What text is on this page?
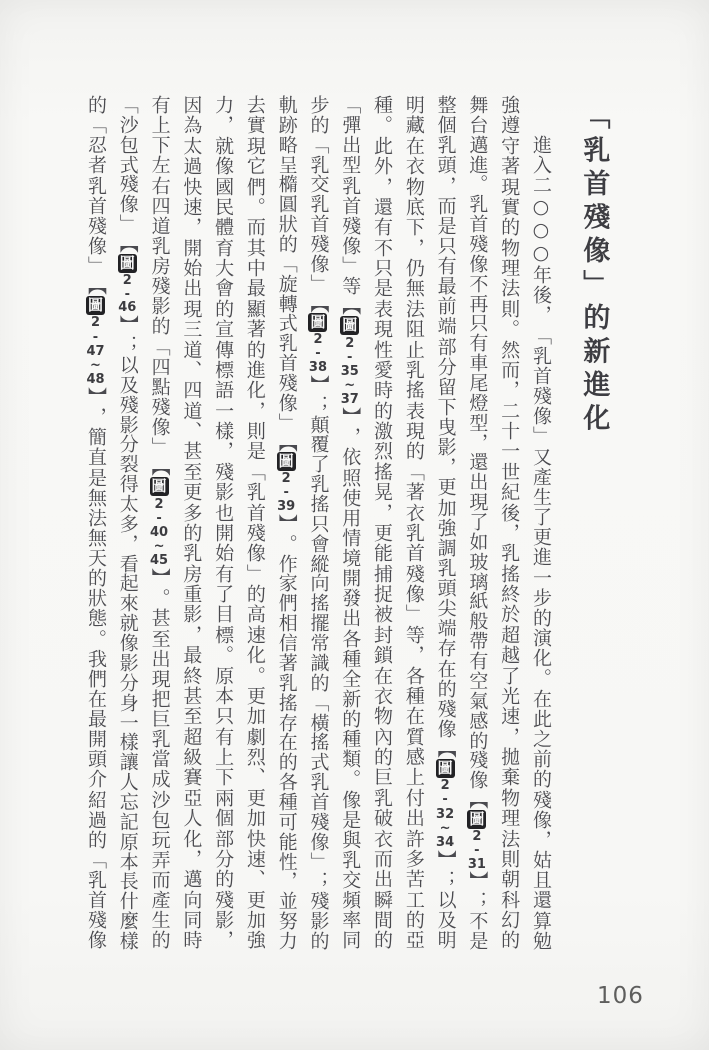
「乳首殘像」的新進化
進
入
二
○
○
○
年
後
，
「
乳
首
殘
像
」
又
產
生
了
更
進
一
步
的
演
化
。
在
此
之
前
的
殘
像
，
姑
且
還
算
勉
強
遵
守
著
現
實
的
物
理
法
則
。
然
而
，
二
十
一
世
紀
後
，
乳
搖
終
於
超
越
了
光
速
，
拋
棄
物
理
法
則
朝
科
幻
的
舞
台
邁
進
。
乳
首
殘
像
不
再
只
有
車
尾
燈
型
，
還
出
現
了
如
玻
璃
紙
般
帶
有
空
氣
感
的
殘
像
【
圖
2
-
31
】
；
不
是
整
個
乳
頭
，
而
是
只
有
最
前
端
部
分
留
下
曳
影
，
更
加
強
調
乳
頭
尖
端
存
在
的
殘
像
【
圖
2
-
32
~
34
】
；
以
及
明
明
藏
在
衣
物
底
下
，
仍
無
法
阻
止
乳
搖
表
現
的
「
著
衣
乳
首
殘
像
」
等
，
各
種
在
質
感
上
付
出
許
多
苦
工
的
亞
種
。
此
外
，
還
有
不
只
是
表
現
性
愛
時
的
激
烈
搖
晃
，
更
能
捕
捉
被
封
鎖
在
衣
物
內
的
巨
乳
破
衣
而
出
瞬
間
的
「
彈
出
型
乳
首
殘
像
」
等
【
圖
2
-
35
~
37
】
，
依
照
使
用
情
境
開
發
出
各
種
全
新
的
種
類
。
像
是
與
乳
交
頻
率
同
步
的
「
乳
交
乳
首
殘
像
」
【
圖
2
-
38
】
；
顛
覆
了
乳
搖
只
會
縱
向
搖
擺
常
識
的
「
橫
搖
式
乳
首
殘
像
」
；
殘
影
的
軌
跡
略
呈
橢
圓
狀
的
「
旋
轉
式
乳
首
殘
像
」
【
圖
2
-
39
】
。
作
家
們
相
信
著
乳
搖
存
在
的
各
種
可
能
性
，
並
努
力
去
實
現
它
們
。
而
其
中
最
顯
著
的
進
化
，
則
是
「
乳
首
殘
像
」
的
高
速
化
。
更
加
劇
烈
、
更
加
快
速
、
更
加
強
力
，
就
像
國
民
體
育
大
會
的
宣
傳
標
語
一
樣
，
殘
影
也
開
始
有
了
目
標
。
原
本
只
有
上
下
兩
個
部
分
的
殘
影
，
因
為
太
過
快
速
，
開
始
出
現
三
道
、
四
道
、
甚
至
更
多
的
乳
房
重
影
，
最
終
甚
至
超
級
賽
亞
人
化
，
邁
向
同
時
有
上
下
左
右
四
道
乳
房
殘
影
的
「
四
點
殘
像
」
【
圖
2
-
40
~
45
】
。
甚
至
出
現
把
巨
乳
當
成
沙
包
玩
弄
而
產
生
的
「
沙
包
式
殘
像
」
【
圖
2
-
46
】
；
以
及
殘
影
分
裂
得
太
多
，
看
起
來
就
像
影
分
身
一
樣
讓
人
忘
記
原
本
長
什
麼
樣
的
「
忍
者
乳
首
殘
像
」
【
圖
2
-
47
~
48
】
，
簡
直
是
無
法
無
天
的
狀
態
。
我
們
在
最
開
頭
介
紹
過
的
「
乳
首
殘
像
106
